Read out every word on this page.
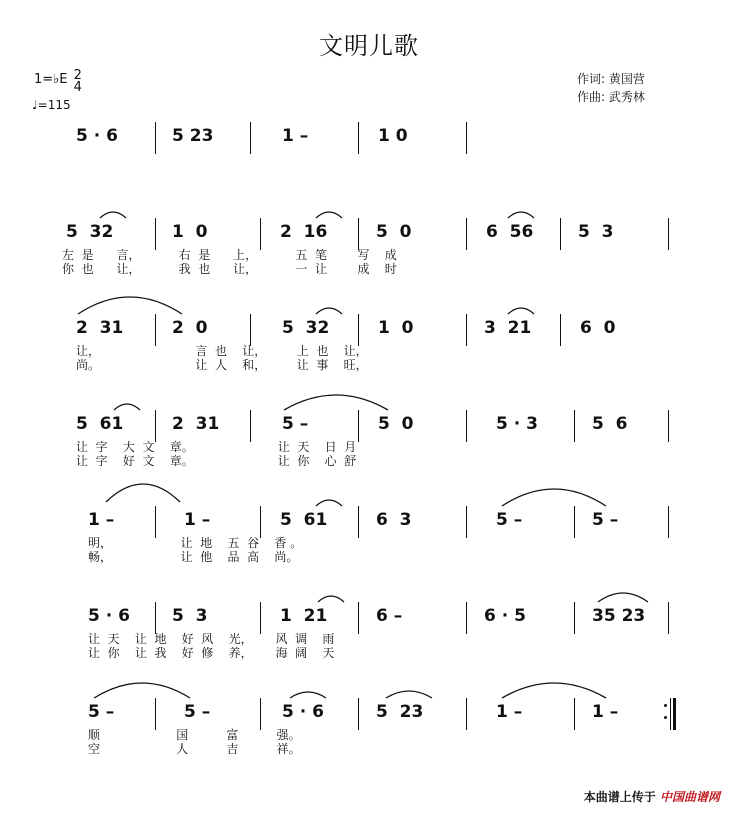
文明儿歌
1=♭E 2
4
♩=115
作词: 黄国营
作曲: 武秀林
5 · 6	5 23	1 –	1 0
5  32	1  0	2  16	5  0	6  56	5  3
左  是      言，          右  是      上，          五  笔        写    成
你  也      让，          我  也      让，          一  让        成    时
2  31	2  0	5  32	1  0	3  21	6  0
让，                         言  也    让，        上  也    让，
尚。                         让  人    和，        让  事    旺，
5  61	2  31	5 –	5  0	5 · 3	5  6
让  字    大  文    章。                      让  天    日  月
让  字    好  文    章。                      让  你    心  舒
1 –	1 –	5  61	6  3	5 –	5 –
明，                  让  地    五  谷    香 。
畅，                  让  他    品  高    尚。
5 · 6 5  3	1  21	6 –	6 · 5	35 23
让  天    让  地    好  风    光，      风  调    雨
让  你    让  我    好  修    养，      海  阔    天
5 –	5 –	5 · 6	5  23	1 –	1 –
顺                    国          富          强。
空                    人          吉          祥。
本曲谱上传于 中国曲谱网
